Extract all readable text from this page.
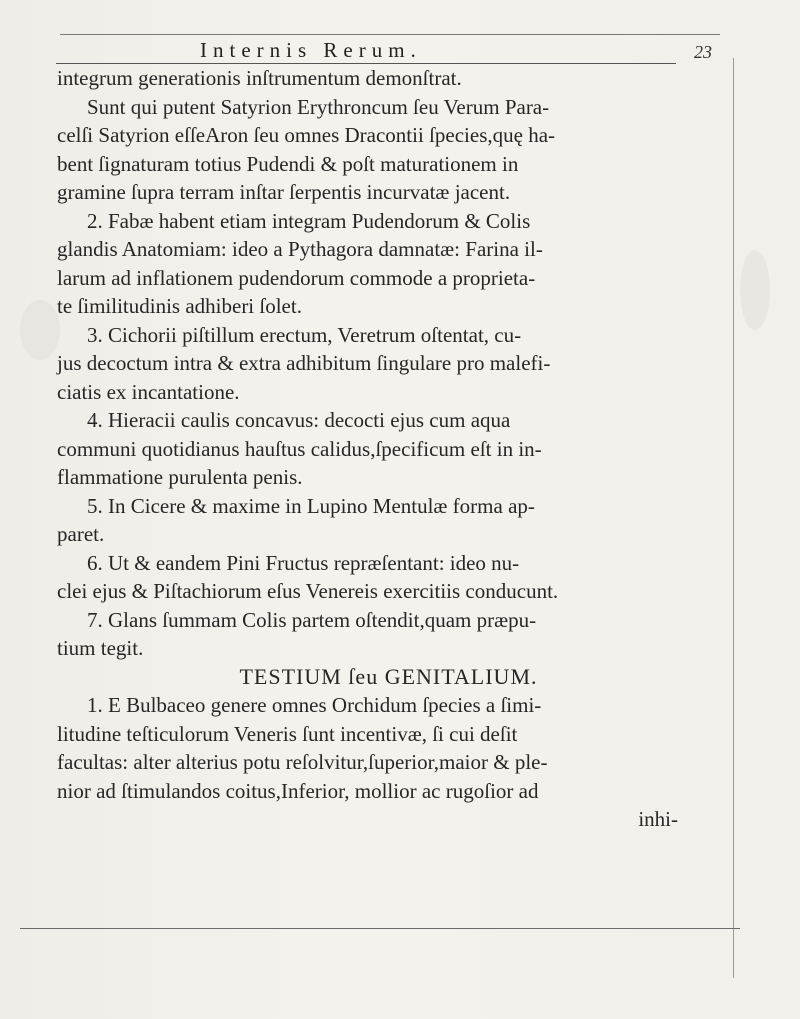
Internis Rerum.	23
integrum generationis inſtrumentum demonſtrat.
Sunt qui putent Satyrion Erythroncum ſeu Verum Para-
celſi Satyrion eſſeAron ſeu omnes Dracontii ſpecies,quę ha-
bent ſignaturam totius Pudendi & poſt maturationem in
gramine ſupra terram inſtar ſerpentis incurvatæ jacent.
2. Fabæ habent etiam integram Pudendorum & Colis
glandis Anatomiam: ideo a Pythagora damnatæ: Farina il-
larum ad inflationem pudendorum commode a proprieta-
te ſimilitudinis adhiberi ſolet.
3. Cichorii piſtillum erectum, Veretrum oſtentat, cu-
jus decoctum intra & extra adhibitum ſingulare pro malefi-
ciatis ex incantatione.
4. Hieracii caulis concavus: decocti ejus cum aqua
communi quotidianus hauſtus calidus,ſpecificum eſt in in-
flammatione purulenta penis.
5. In Cicere & maxime in Lupino Mentulæ forma ap-
paret.
6. Ut & eandem Pini Fructus repræſentant: ideo nu-
clei ejus & Piſtachiorum eſus Venereis exercitiis conducunt.
7. Glans ſummam Colis partem oſtendit,quam præpu-
tium tegit.
TESTIUM ſeu GENITALIUM.
1. E Bulbaceo genere omnes Orchidum ſpecies a ſimi-
litudine teſticulorum Veneris ſunt incentivæ, ſi cui deſit
facultas: alter alterius potu reſolvitur,ſuperior,maior & ple-
nior ad ſtimulandos coitus,Inferior, mollior ac rugoſior ad
inhi-
